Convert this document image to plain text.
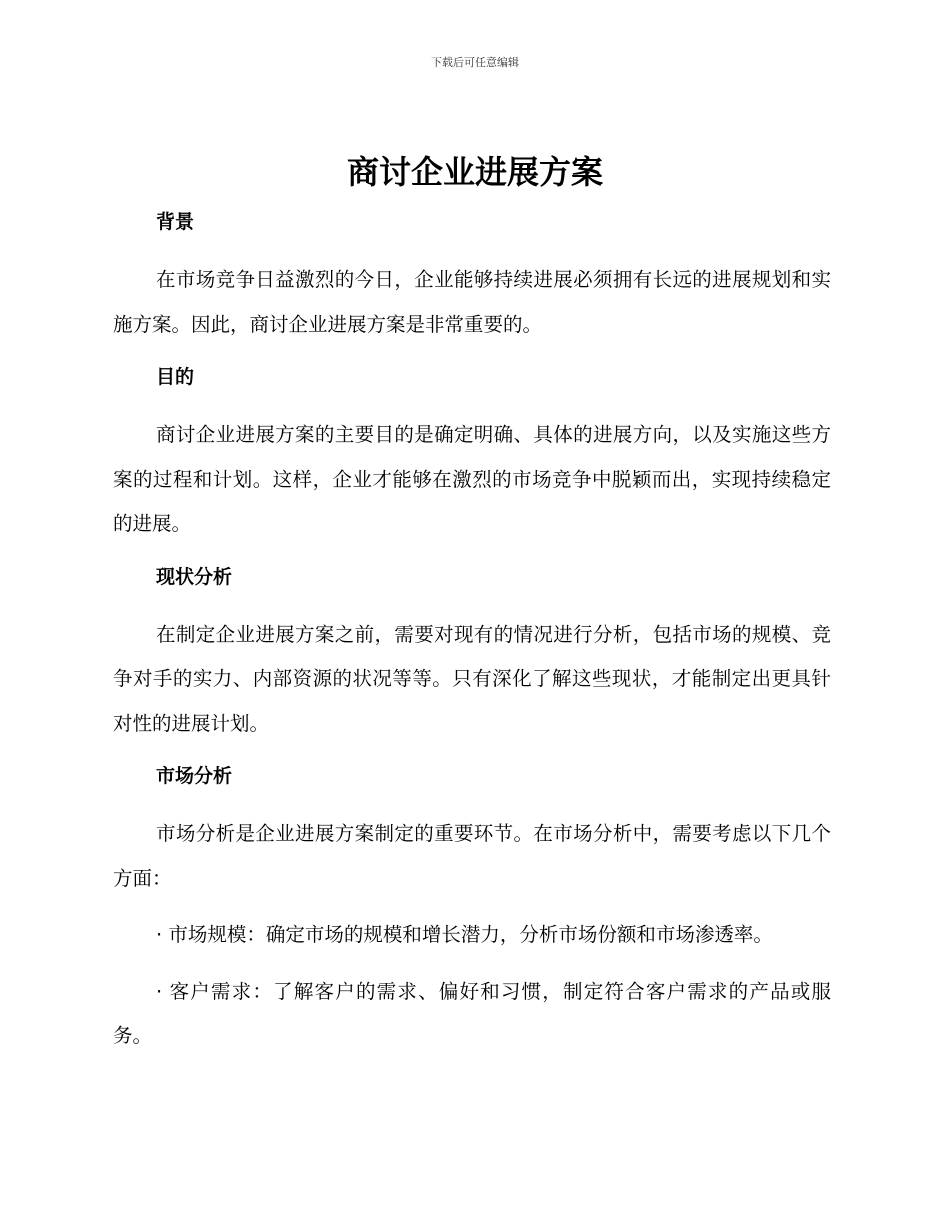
下载后可任意编辑
商讨企业进展方案
背景

在市场竞争日益激烈的今日，企业能够持续进展必须拥有长远的进展规划和实施方案。因此，商讨企业进展方案是非常重要的。

目的

商讨企业进展方案的主要目的是确定明确、具体的进展方向，以及实施这些方案的过程和计划。这样，企业才能够在激烈的市场竞争中脱颖而出，实现持续稳定的进展。

现状分析

在制定企业进展方案之前，需要对现有的情况进行分析，包括市场的规模、竞争对手的实力、内部资源的状况等等。只有深化了解这些现状，才能制定出更具针对性的进展计划。

市场分析

市场分析是企业进展方案制定的重要环节。在市场分析中，需要考虑以下几个方面：

· 市场规模：确定市场的规模和增长潜力，分析市场份额和市场渗透率。

· 客户需求：了解客户的需求、偏好和习惯，制定符合客户需求的产品或服务。
